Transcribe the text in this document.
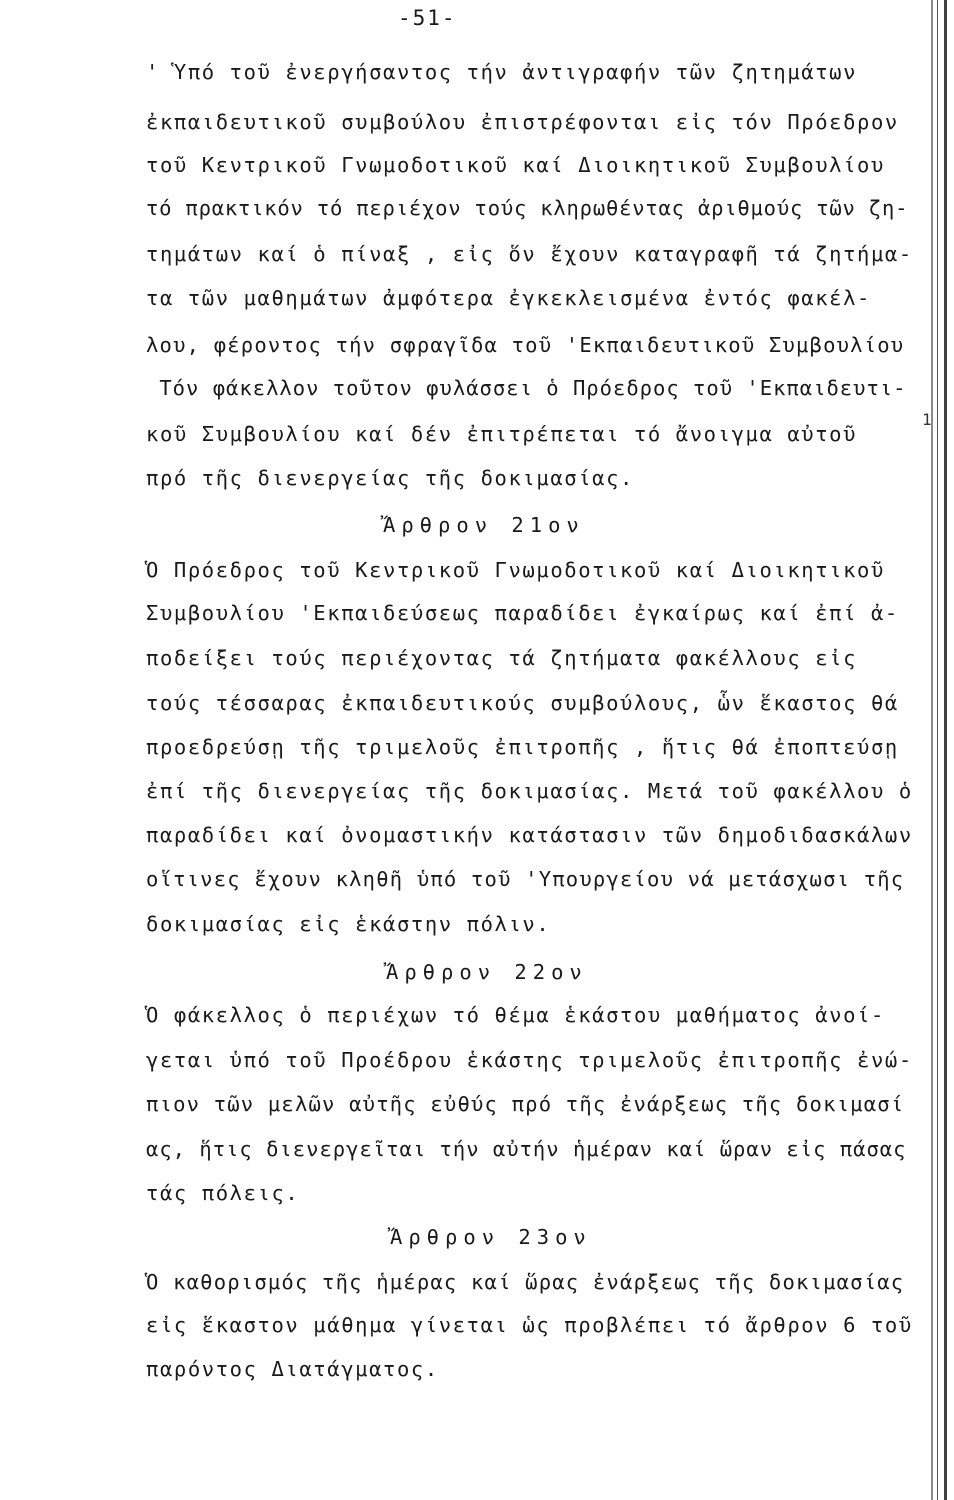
-51-
1
' Ὑπό τοῦ ἐνεργήσαντος τήν ἀντιγραφήν τῶν ζητημάτων
ἐκπαιδευτικοῦ συμβούλου ἐπιστρέφονται εἰς τόν Πρόεδρον
τοῦ Κεντρικοῦ Γνωμοδοτικοῦ καί Διοικητικοῦ Συμβουλίου
τό πρακτικόν τό περιέχον τούς κληρωθέντας ἀριθμούς τῶν ζη-
τημάτων καί ὁ πίναξ , εἰς ὅν ἔχουν καταγραφῆ τά ζητήμα-
τα τῶν μαθημάτων ἀμφότερα ἐγκεκλεισμένα ἐντός φακέλ-
λου, φέροντος τήν σφραγῖδα τοῦ 'Εκπαιδευτικοῦ Συμβουλίου
Τόν φάκελλον τοῦτον φυλάσσει ὁ Πρόεδρος τοῦ 'Εκπαιδευτι-
κοῦ Συμβουλίου καί δέν ἐπιτρέπεται τό ἄνοιγμα αὐτοῦ
πρό τῆς διενεργείας τῆς δοκιμασίας.
Ἄρθρον 21ον
Ὁ Πρόεδρος τοῦ Κεντρικοῦ Γνωμοδοτικοῦ καί Διοικητικοῦ
Συμβουλίου 'Εκπαιδεύσεως παραδίδει ἐγκαίρως καί ἐπί ἀ-
ποδείξει τούς περιέχοντας τά ζητήματα φακέλλους εἰς
τούς τέσσαρας ἐκπαιδευτικούς συμβούλους, ὧν ἕκαστος θά
προεδρεύσῃ τῆς τριμελοῦς ἐπιτροπῆς , ἥτις θά ἐποπτεύσῃ
ἐπί τῆς διενεργείας τῆς δοκιμασίας. Μετά τοῦ φακέλλου ὁ
παραδίδει καί ὀνομαστικήν κατάστασιν τῶν δημοδιδασκάλων
οἵτινες ἔχουν κληθῆ ὑπό τοῦ 'Υπουργείου νά μετάσχωσι τῆς
δοκιμασίας εἰς ἑκάστην πόλιν.
Ἄρθρον 22ον
Ὁ φάκελλος ὁ περιέχων τό θέμα ἑκάστου μαθήματος ἀνοί-
γεται ὑπό τοῦ Προέδρου ἑκάστης τριμελοῦς ἐπιτροπῆς ἐνώ-
πιον τῶν μελῶν αὐτῆς εὐθύς πρό τῆς ἐνάρξεως τῆς δοκιμασί
ας, ἥτις διενεργεῖται τήν αὐτήν ἡμέραν καί ὥραν εἰς πάσας
τάς πόλεις.
Ἄρθρον 23ον
Ὁ καθορισμός τῆς ἡμέρας καί ὥρας ἐνάρξεως τῆς δοκιμασίας
εἰς ἕκαστον μάθημα γίνεται ὡς προβλέπει τό ἄρθρον 6 τοῦ
παρόντος Διατάγματος.
